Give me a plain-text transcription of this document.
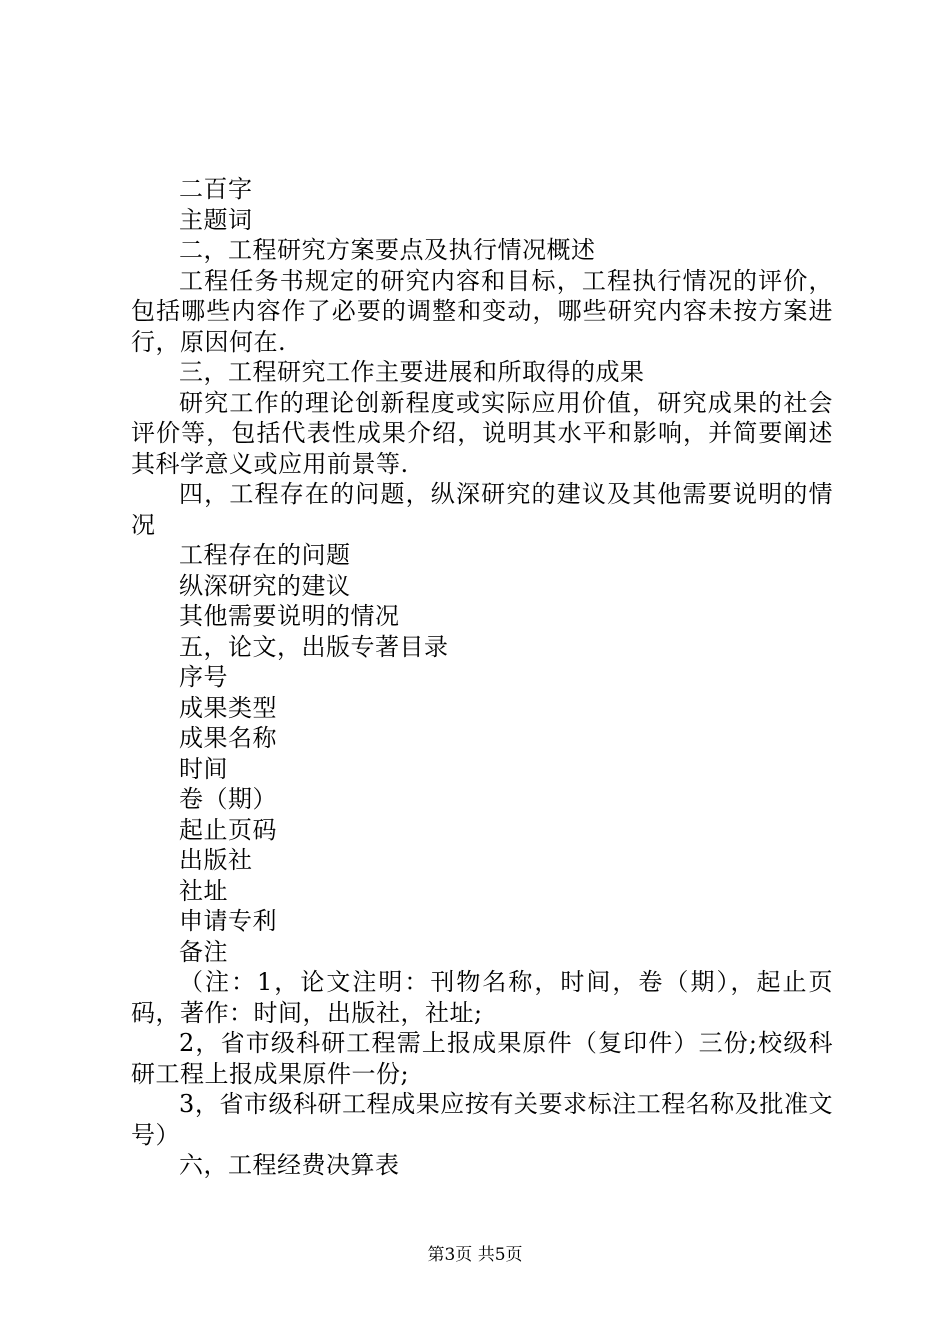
二百字

主题词

二，工程研究方案要点及执行情况概述

工程任务书规定的研究内容和目标，工程执行情况的评价，包括哪些内容作了必要的调整和变动，哪些研究内容未按方案进行，原因何在.

三，工程研究工作主要进展和所取得的成果

研究工作的理论创新程度或实际应用价值，研究成果的社会评价等，包括代表性成果介绍，说明其水平和影响，并简要阐述其科学意义或应用前景等.

四，工程存在的问题，纵深研究的建议及其他需要说明的情况

工程存在的问题

纵深研究的建议

其他需要说明的情况

五，论文，出版专著目录

序号

成果类型

成果名称

时间

卷（期）

起止页码

出版社

社址

申请专利

备注

（注：1，论文注明：刊物名称，时间，卷（期），起止页码，著作：时间，出版社，社址;

2，省市级科研工程需上报成果原件（复印件）三份;校级科研工程上报成果原件一份;

3，省市级科研工程成果应按有关要求标注工程名称及批准文号）

六，工程经费决算表

第3页 共5页
